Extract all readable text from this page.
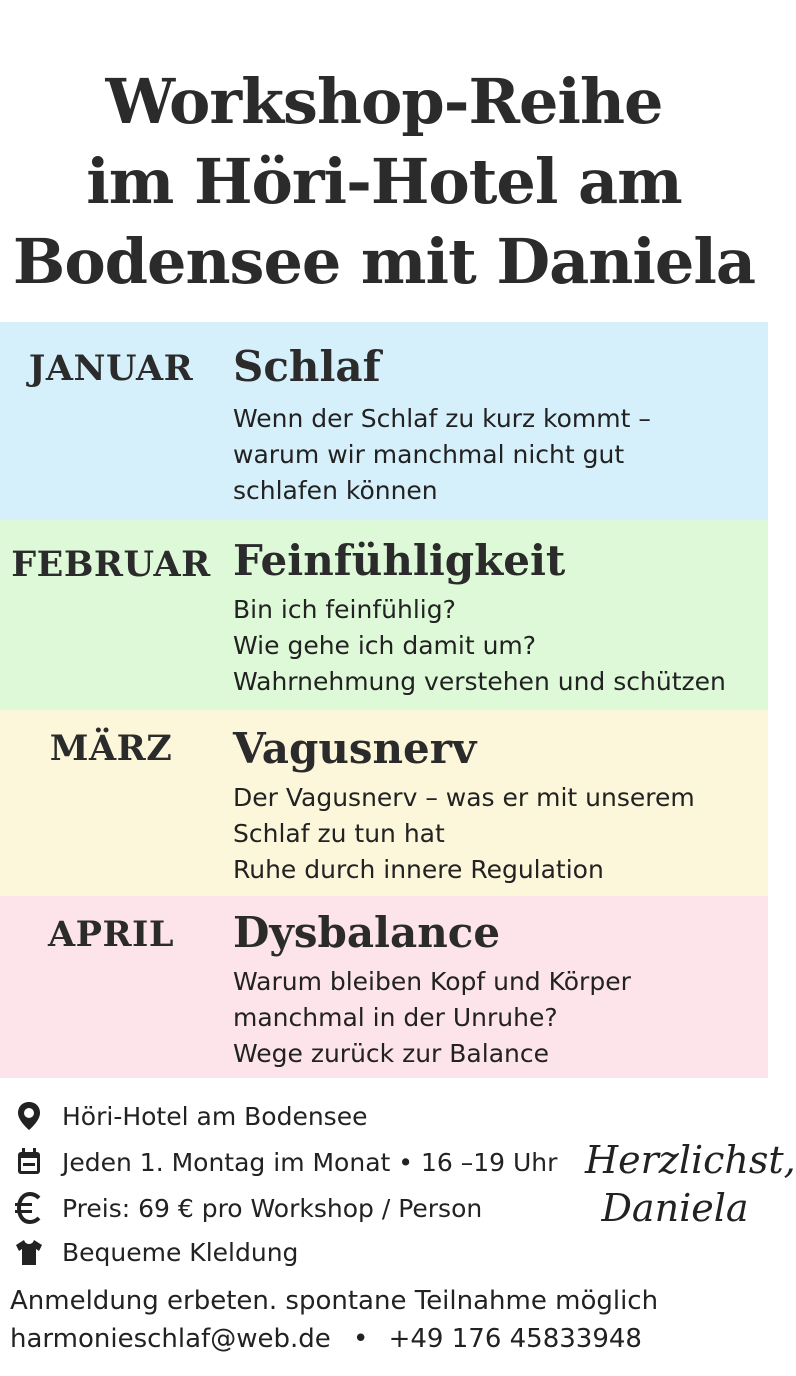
Workshop-Reihe
im Höri-Hotel am
Bodensee mit Daniela
JANUAR Schlaf
Wenn der Schlaf zu kurz kommt –
warum wir manchmal nicht gut
schlafen können
FEBRUAR Feinfühligkeit
Bin ich feinfühlig?
Wie gehe ich damit um?
Wahrnehmung verstehen und schützen
MÄRZ	Vagusnerv
Der Vagusnerv – was er mit unserem
Schlaf zu tun hat
Ruhe durch innere Regulation
APRIL	Dysbalance
Warum bleiben Kopf und Körper
manchmal in der Unruhe?
Wege zurück zur Balance
Höri-Hotel am Bodensee
Jeden 1. Montag im Monat • 16 –19 Uhr
Preis: 69 € pro Workshop / Person
Bequeme Kleldung
Herzlichst,
Daniela
Anmeldung erbeten. spontane Teilnahme möglich
harmonieschlaf@web.de • +49 176 45833948
